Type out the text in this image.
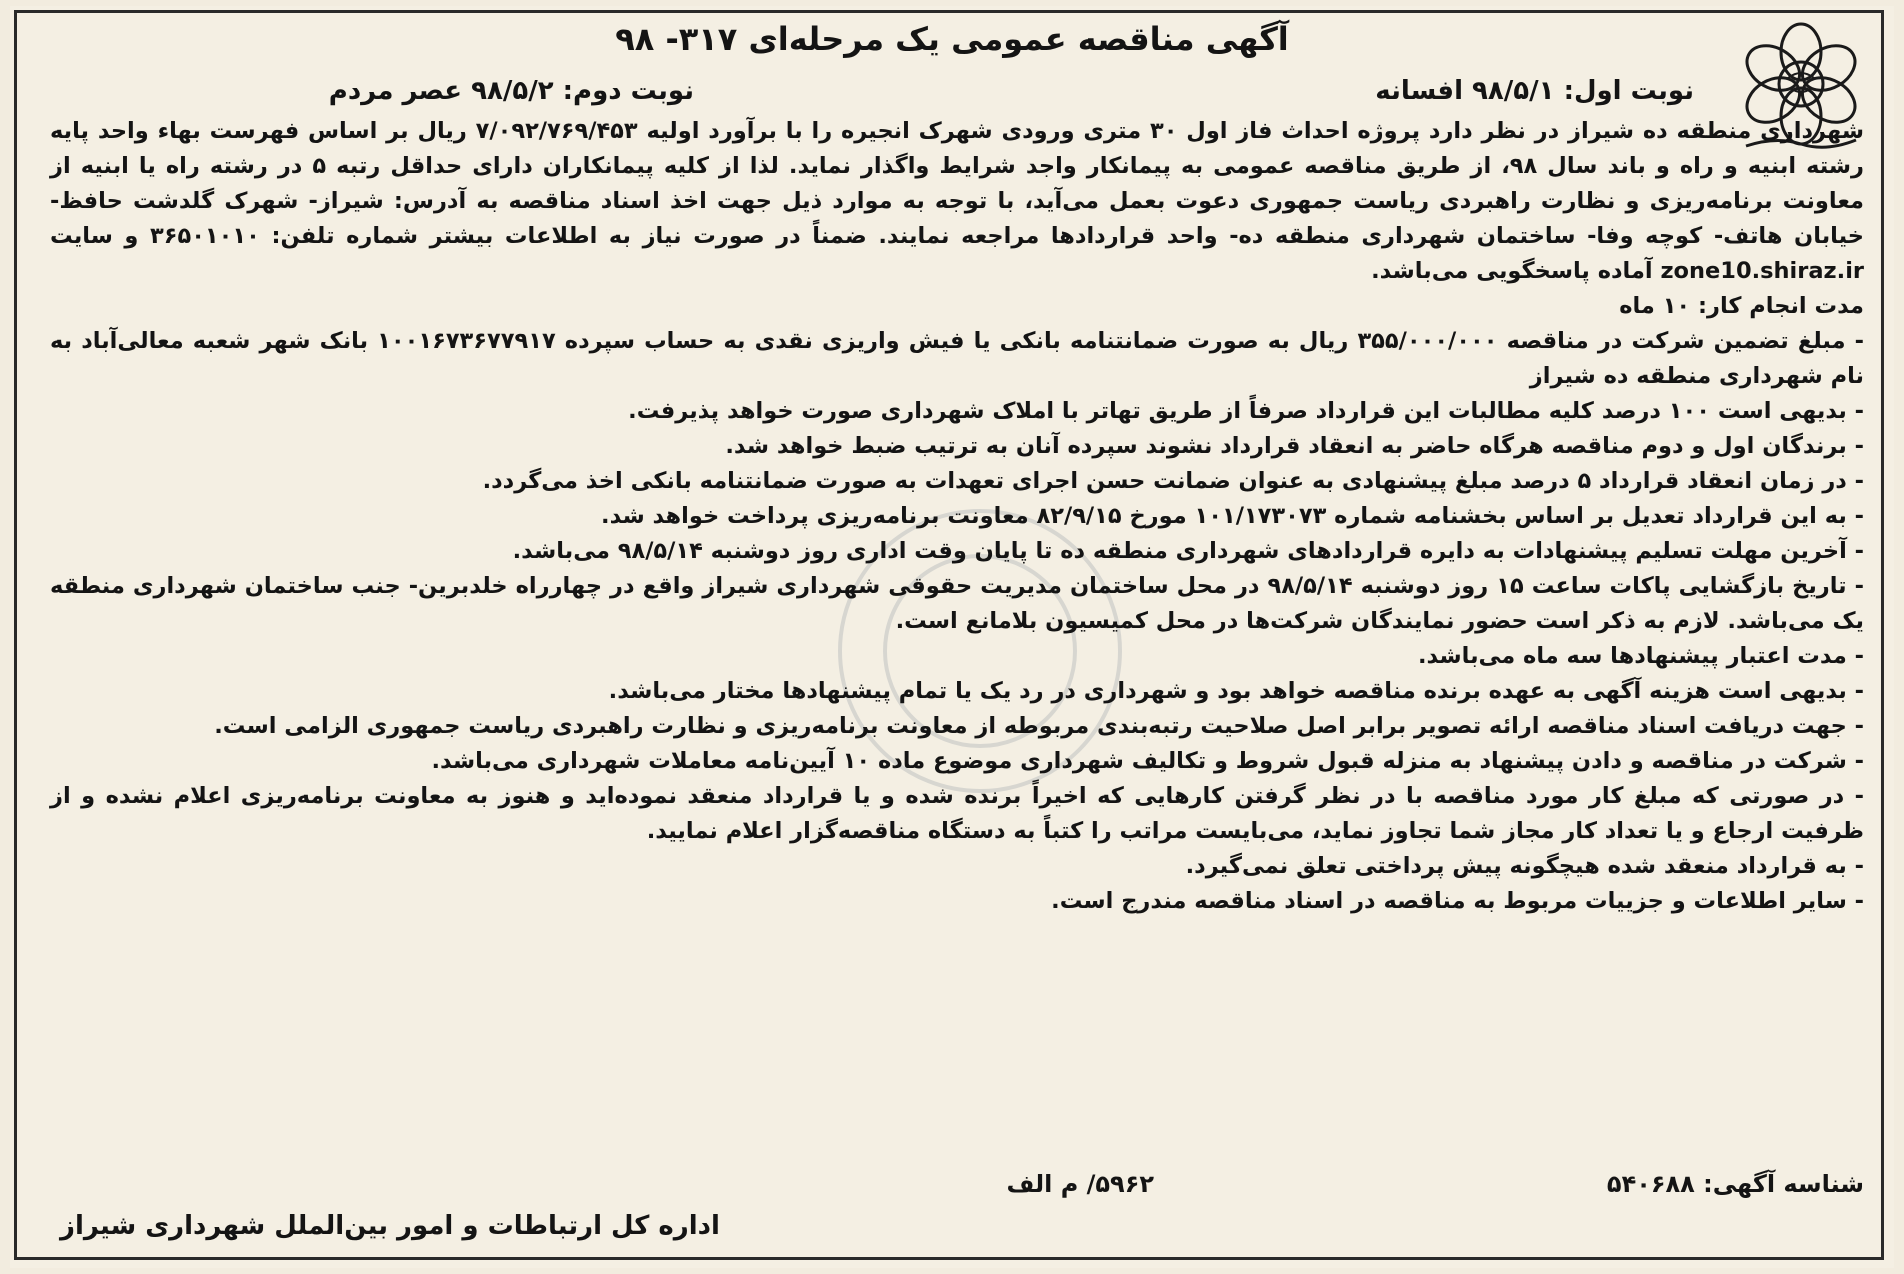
آگهی مناقصه عمومی یک مرحله‌ای ۳۱۷- ۹۸
نوبت اول: ۹۸/۵/۱ افسانه
نوبت دوم: ۹۸/۵/۲ عصر مردم

شهرداری منطقه ده شیراز در نظر دارد پروژه احداث فاز اول ۳۰ متری ورودی شهرک انجیره را با برآورد اولیه ۷/۰۹۲/۷۶۹/۴۵۳ ریال بر اساس فهرست بهاء واحد پایه رشته ابنیه و راه و باند سال ۹۸، از طریق مناقصه عمومی به پیمانکار واجد شرایط واگذار نماید. لذا از کلیه پیمانکاران دارای حداقل رتبه ۵ در رشته راه یا ابنیه از معاونت برنامه‌ریزی و نظارت راهبردی ریاست جمهوری دعوت بعمل می‌آید، با توجه به موارد ذیل جهت اخذ اسناد مناقصه به آدرس: شیراز- شهرک گلدشت حافظ- خیابان هاتف- کوچه وفا- ساختمان شهرداری منطقه ده- واحد قراردادها مراجعه نمایند. ضمناً در صورت نیاز به اطلاعات بیشتر شماره تلفن: ۳۶۵۰۱۰۱۰ و سایت zone10.shiraz.ir آماده پاسخگویی می‌باشد.

مدت انجام کار: ۱۰ ماه

- مبلغ تضمین شرکت در مناقصه ۳۵۵/۰۰۰/۰۰۰ ریال به صورت ضمانتنامه بانکی یا فیش واریزی نقدی به حساب سپرده ۱۰۰۱۶۷۳۶۷۷۹۱۷ بانک شهر شعبه معالی‌آباد به نام شهرداری منطقه ده شیراز

- بدیهی است ۱۰۰ درصد کلیه مطالبات این قرارداد صرفاً از طریق تهاتر با املاک شهرداری صورت خواهد پذیرفت.

- برندگان اول و دوم مناقصه هرگاه حاضر به انعقاد قرارداد نشوند سپرده آنان به ترتیب ضبط خواهد شد.

- در زمان انعقاد قرارداد ۵ درصد مبلغ پیشنهادی به عنوان ضمانت حسن اجرای تعهدات به صورت ضمانتنامه بانکی اخذ می‌گردد.

- به این قرارداد تعدیل بر اساس بخشنامه شماره ۱۰۱/۱۷۳۰۷۳ مورخ ۸۲/۹/۱۵ معاونت برنامه‌ریزی پرداخت خواهد شد.

- آخرین مهلت تسلیم پیشنهادات به دایره قراردادهای شهرداری منطقه ده تا پایان وقت اداری روز دوشنبه ۹۸/۵/۱۴ می‌باشد.

- تاریخ بازگشایی پاکات ساعت ۱۵ روز دوشنبه ۹۸/۵/۱۴ در محل ساختمان مدیریت حقوقی شهرداری شیراز واقع در چهارراه خلدبرین- جنب ساختمان شهرداری منطقه یک می‌باشد. لازم به ذکر است حضور نمایندگان شرکت‌ها در محل کمیسیون بلامانع است.

- مدت اعتبار پیشنهادها سه ماه می‌باشد.

- بدیهی است هزینه آگهی به عهده برنده مناقصه خواهد بود و شهرداری در رد یک یا تمام پیشنهادها مختار می‌باشد.

- جهت دریافت اسناد مناقصه ارائه تصویر برابر اصل صلاحیت رتبه‌بندی مربوطه از معاونت برنامه‌ریزی و نظارت راهبردی ریاست جمهوری الزامی است.

- شرکت در مناقصه و دادن پیشنهاد به منزله قبول شروط و تکالیف شهرداری موضوع ماده ۱۰ آیین‌نامه معاملات شهرداری می‌باشد.

- در صورتی که مبلغ کار مورد مناقصه با در نظر گرفتن کارهایی که اخیراً برنده شده و یا قرارداد منعقد نموده‌اید و هنوز به معاونت برنامه‌ریزی اعلام نشده و از ظرفیت ارجاع و یا تعداد کار مجاز شما تجاوز نماید، می‌بایست مراتب را کتباً به دستگاه مناقصه‌گزار اعلام نمایید.

- به قرارداد منعقد شده هیچگونه پیش پرداختی تعلق نمی‌گیرد.

- سایر اطلاعات و جزییات مربوط به مناقصه در اسناد مناقصه مندرج است.

شناسه آگهی: ۵۴۰۶۸۸
۵۹۶۲/ م الف
اداره کل ارتباطات و امور بین‌الملل شهرداری شیراز
